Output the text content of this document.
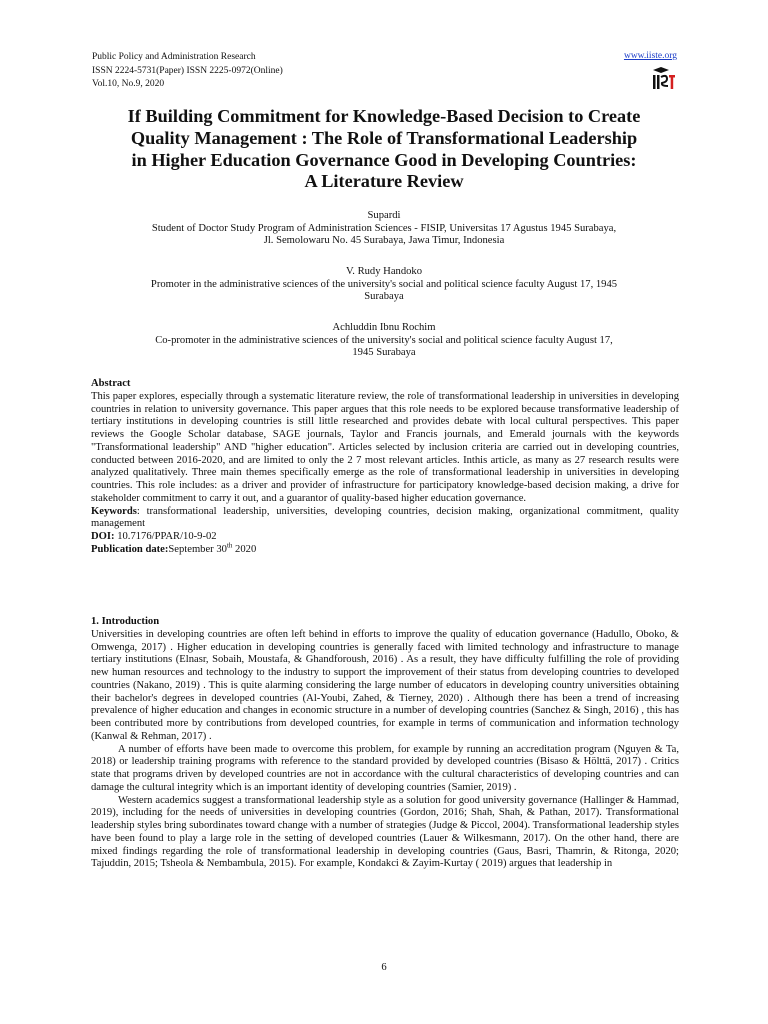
Public Policy and Administration Research
ISSN 2224-5731(Paper) ISSN 2225-0972(Online)
Vol.10, No.9, 2020
www.iiste.org
If Building Commitment for Knowledge-Based Decision to Create
Quality Management : The Role of Transformational Leadership
in Higher Education Governance Good in Developing Countries:
A Literature Review
Supardi
Student of Doctor Study Program of Administration Sciences - FISIP, Universitas 17 Agustus 1945 Surabaya,
Jl. Semolowaru No. 45 Surabaya, Jawa Timur, Indonesia
V. Rudy Handoko
Promoter in the administrative sciences of the university's social and political science faculty August 17, 1945
Surabaya
Achluddin Ibnu Rochim
Co-promoter in the administrative sciences of the university's social and political science faculty August 17,
1945 Surabaya
Abstract

This paper explores, especially through a systematic literature review, the role of transformational leadership in universities in developing countries in relation to university governance. This paper argues that this role needs to be explored because transformative leadership of tertiary institutions in developing countries is still little researched and provides debate with local cultural perspectives. This paper reviews the Google Scholar database, SAGE journals, Taylor and Francis journals, and Emerald journals with the keywords "Transformational leadership" AND "higher education". Articles selected by inclusion criteria are carried out in developing countries, conducted between 2016-2020, and are limited to only the 2 7 most relevant articles. Inthis article, as many as 27 research results were analyzed qualitatively. Three main themes specifically emerge as the role of transformational leadership in universities in developing countries. This role includes: as a driver and provider of infrastructure for participatory knowledge-based decision making, a drive for stakeholder commitment to carry it out, and a guarantor of quality-based higher education governance.

Keywords: transformational leadership, universities, developing countries, decision making, organizational commitment, quality management

DOI: 10.7176/PPAR/10-9-02

Publication date:September 30th 2020

1. Introduction

Universities in developing countries are often left behind in efforts to improve the quality of education governance (Hadullo, Oboko, & Omwenga, 2017) . Higher education in developing countries is generally faced with limited technology and infrastructure to manage tertiary institutions (Elnasr, Sobaih, Moustafa, & Ghandforoush, 2016) . As a result, they have difficulty fulfilling the role of providing new human resources and technology to the industry to support the improvement of their status from developing countries to developed countries (Nakano, 2019) . This is quite alarming considering the large number of educators in developing country universities obtaining their bachelor's degrees in developed countries (Al-Youbi, Zahed, & Tierney, 2020) . Although there has been a trend of increasing prevalence of higher education and changes in economic structure in a number of developing countries (Sanchez & Singh, 2016) , this has been contributed more by contributions from developed countries, for example in terms of communication and information technology (Kanwal & Rehman, 2017) .

A number of efforts have been made to overcome this problem, for example by running an accreditation program (Nguyen & Ta, 2018) or leadership training programs with reference to the standard provided by developed countries (Bisaso & Hölttä, 2017) . Critics state that programs driven by developed countries are not in accordance with the cultural characteristics of developing countries and can damage the cultural integrity which is an important identity of developing countries (Samier, 2019) .

Western academics suggest a transformational leadership style as a solution for good university governance (Hallinger & Hammad, 2019), including for the needs of universities in developing countries (Gordon, 2016; Shah, Shah, & Pathan, 2017). Transformational leadership styles bring subordinates toward change with a number of strategies (Judge & Piccol, 2004). Transformational leadership styles have been found to play a large role in the setting of developed countries (Lauer & Wilkesmann, 2017). On the other hand, there are mixed findings regarding the role of transformational leadership in developing countries (Gaus, Basri, Thamrin, & Ritonga, 2020; Tajuddin, 2015; Tsheola & Nembambula, 2015). For example, Kondakci & Zayim-Kurtay ( 2019) argues that leadership in

6
